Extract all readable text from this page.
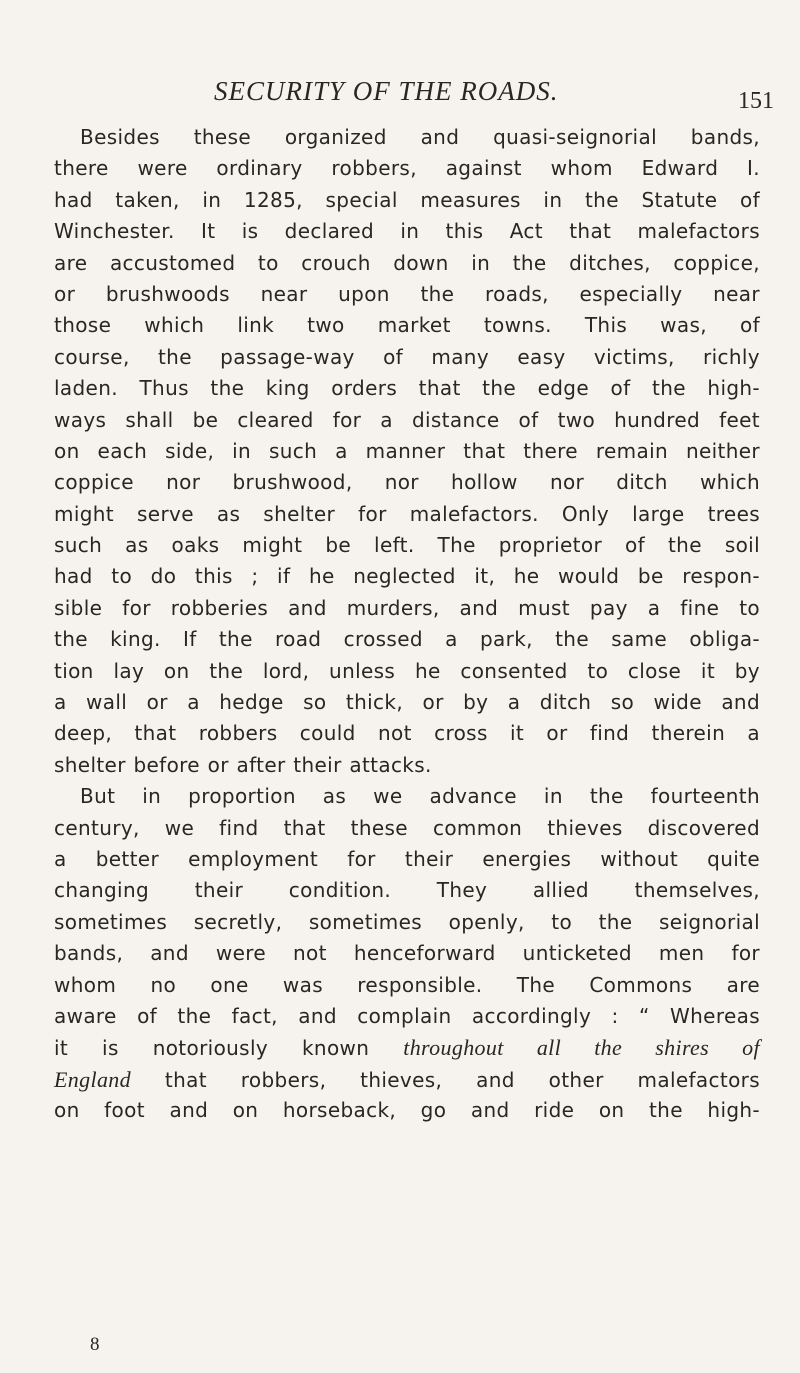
SECURITY OF THE ROADS.	151
Besides these organized and quasi-seignorial bands,
there were ordinary robbers, against whom Edward I.
had taken, in 1285, special measures in the Statute of
Winchester. It is declared in this Act that malefactors
are accustomed to crouch down in the ditches, coppice,
or brushwoods near upon the roads, especially near
those which link two market towns. This was, of
course, the passage-way of many easy victims, richly
laden. Thus the king orders that the edge of the high-
ways shall be cleared for a distance of two hundred feet
on each side, in such a manner that there remain neither
coppice nor brushwood, nor hollow nor ditch which
might serve as shelter for malefactors. Only large trees
such as oaks might be left. The proprietor of the soil
had to do this ; if he neglected it, he would be respon-
sible for robberies and murders, and must pay a fine to
the king. If the road crossed a park, the same obliga-
tion lay on the lord, unless he consented to close it by
a wall or a hedge so thick, or by a ditch so wide and
deep, that robbers could not cross it or find therein a
shelter before or after their attacks.
But in proportion as we advance in the fourteenth
century, we find that these common thieves discovered
a better employment for their energies without quite
changing their condition. They allied themselves,
sometimes secretly, sometimes openly, to the seignorial
bands, and were not henceforward unticketed men for
whom no one was responsible. The Commons are
aware of the fact, and complain accordingly : “ Whereas
it is notoriously known throughout all the shires of
England that robbers, thieves, and other malefactors
on foot and on horseback, go and ride on the high-
8
